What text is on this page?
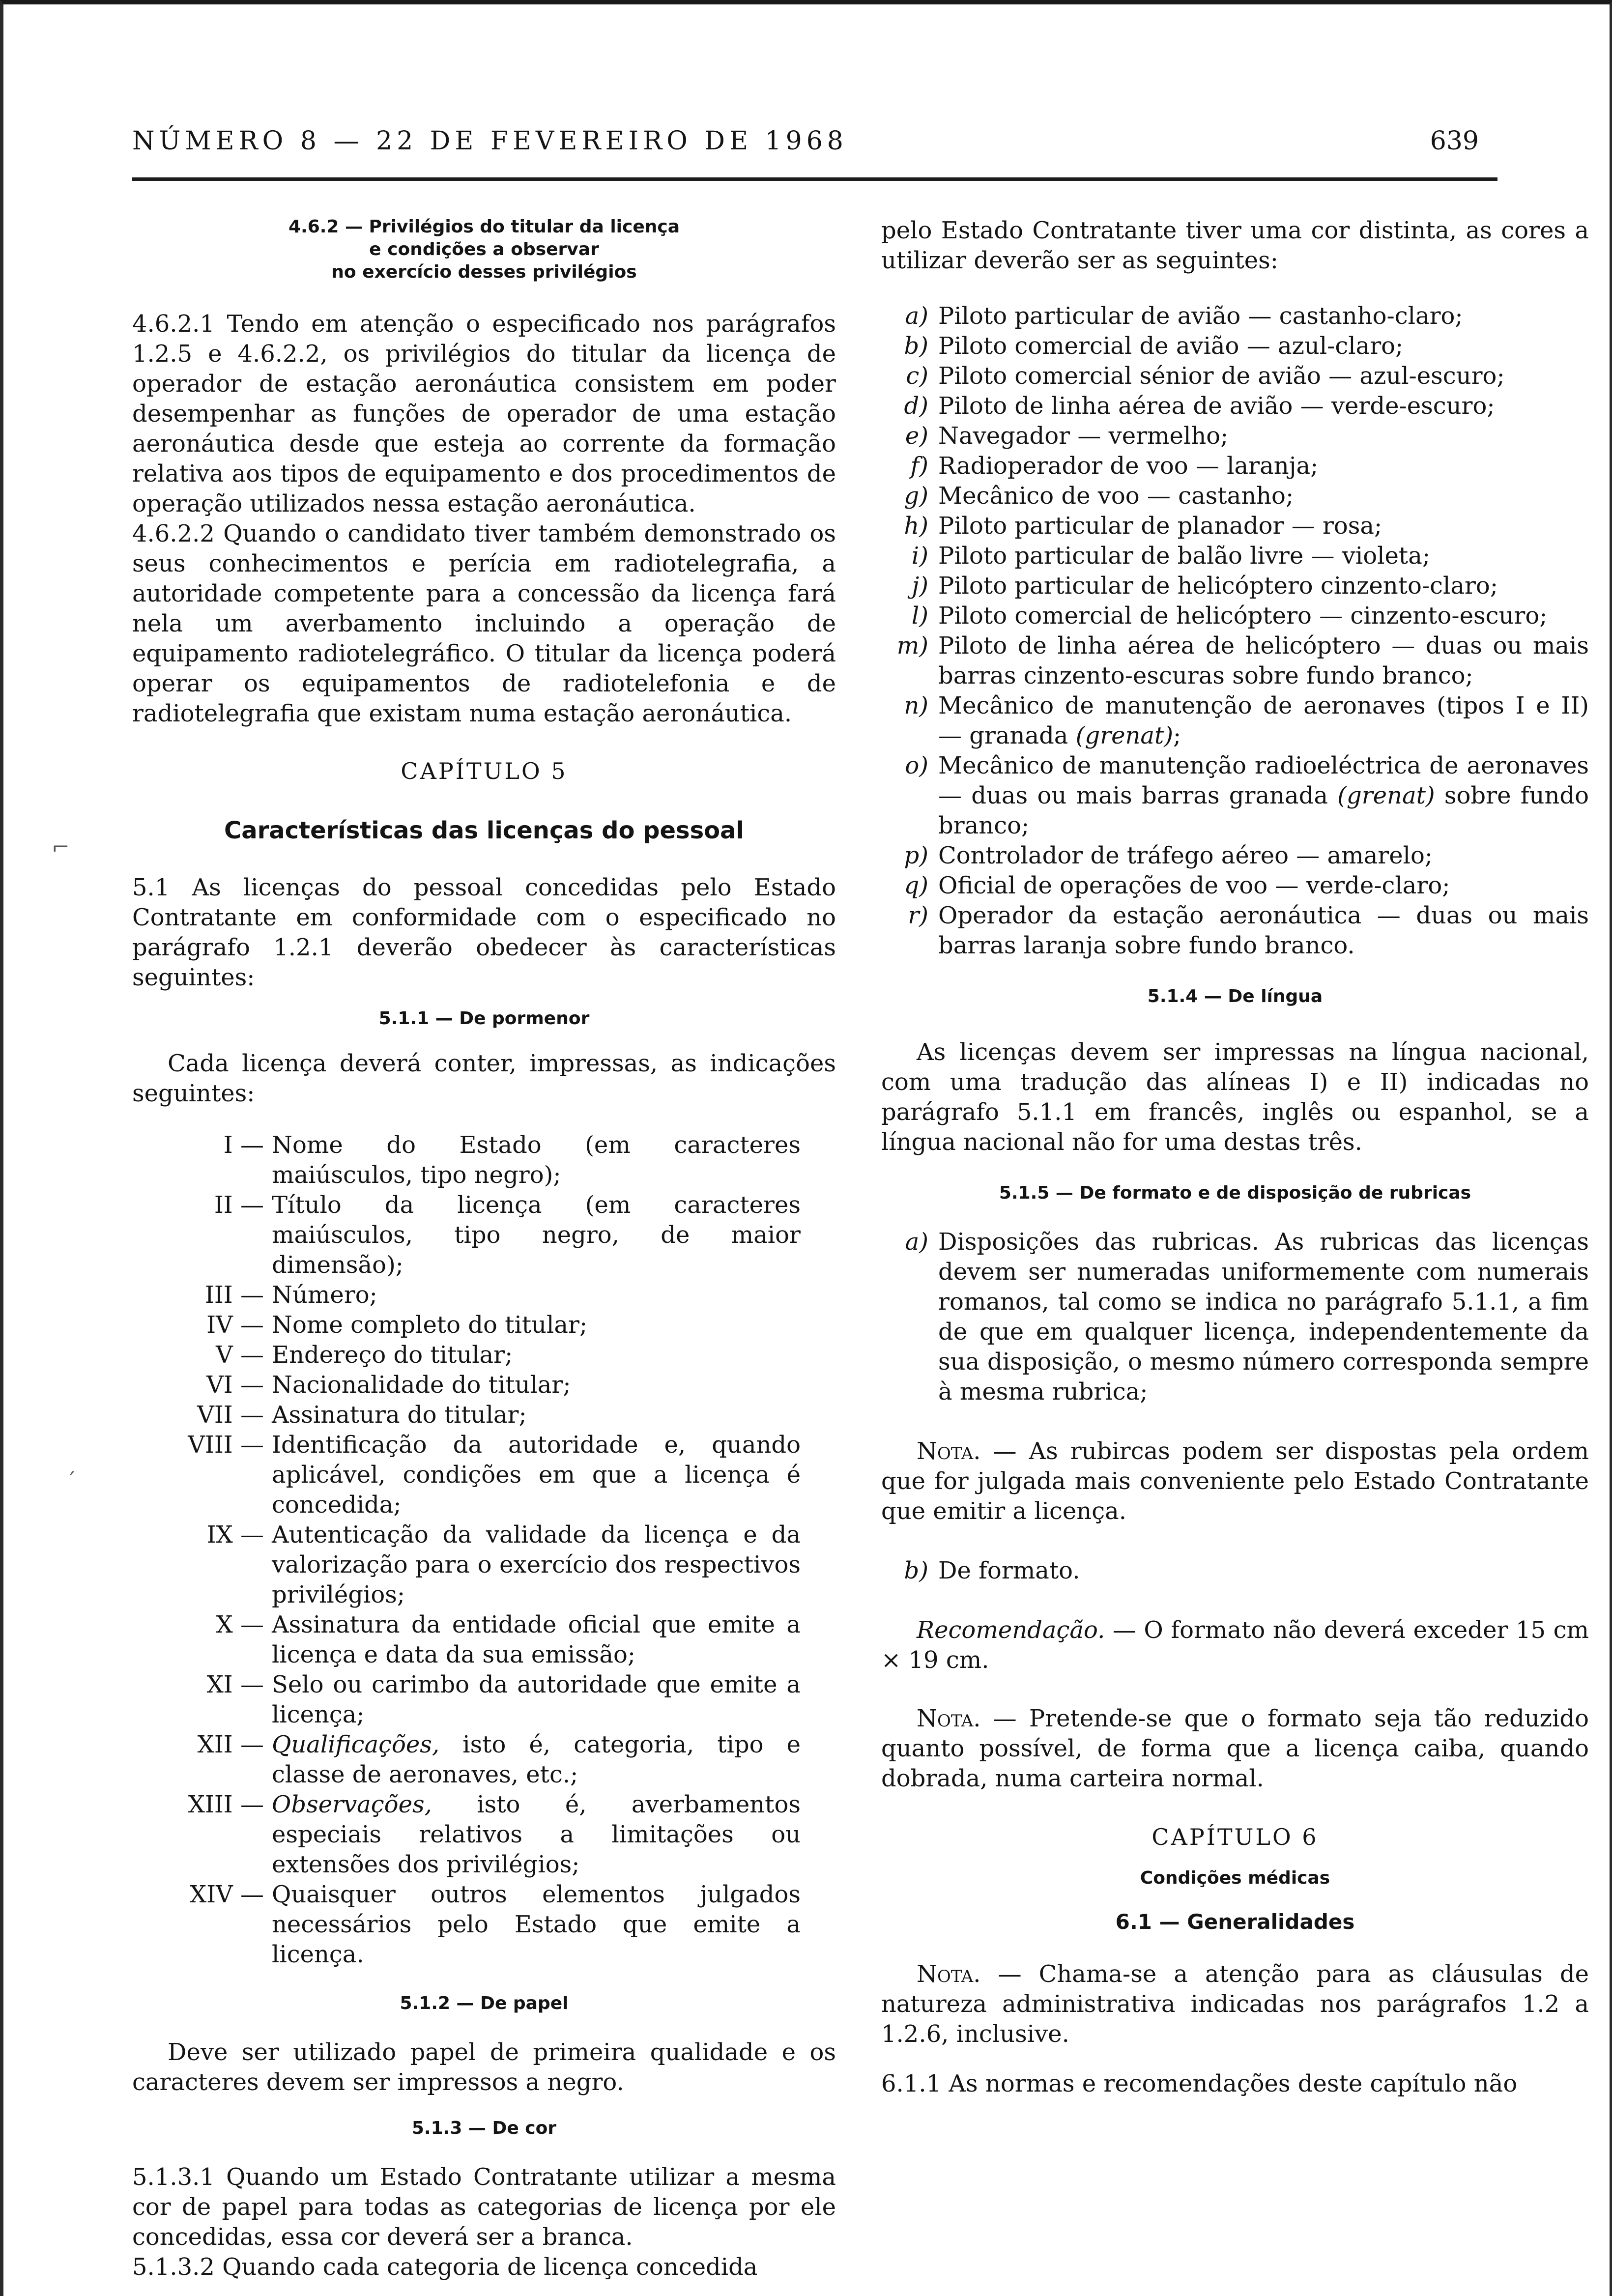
NÚMERO 8 — 22 DE FEVEREIRO DE 1968	639
⌐
ˊ
4.6.2 — Privilégios do titular da licença
e condições a observar
no exercício desses privilégios

4.6.2.1 Tendo em atenção o especificado nos parágrafos 1.2.5 e 4.6.2.2, os privilégios do titular da licença de operador de estação aeronáutica consistem em poder desempenhar as funções de operador de uma estação aeronáutica desde que esteja ao corrente da formação relativa aos tipos de equipamento e dos procedimentos de operação utilizados nessa estação aeronáutica.

4.6.2.2 Quando o candidato tiver também demonstrado os seus conhecimentos e perícia em radiotelegrafia, a autoridade competente para a concessão da licença fará nela um averbamento incluindo a operação de equipamento radiotelegráfico. O titular da licença poderá operar os equipamentos de radiotelefonia e de radiotelegrafia que existam numa estação aeronáutica.

CAPÍTULO 5
Características das licenças do pessoal

5.1 As licenças do pessoal concedidas pelo Estado Contratante em conformidade com o especificado no parágrafo 1.2.1 deverão obedecer às características seguintes:

5.1.1 — De pormenor

Cada licença deverá conter, impressas, as indicações seguintes:

I — Nome do Estado (em caracteres maiúsculos, tipo negro);
II — Título da licença (em caracteres maiúsculos, tipo negro, de maior dimensão);
III — Número;
IV — Nome completo do titular;
V — Endereço do titular;
VI — Nacionalidade do titular;
VII — Assinatura do titular;
VIII — Identificação da autoridade e, quando aplicável, condições em que a licença é concedida;
IX — Autenticação da validade da licença e da valorização para o exercício dos respectivos privilégios;
X — Assinatura da entidade oficial que emite a licença e data da sua emissão;
XI — Selo ou carimbo da autoridade que emite a licença;
XII — Qualificações, isto é, categoria, tipo e classe de aeronaves, etc.;
XIII — Observações, isto é, averbamentos especiais relativos a limitações ou extensões dos privilégios;
XIV — Quaisquer outros elementos julgados necessários pelo Estado que emite a licença.
5.1.2 — De papel

Deve ser utilizado papel de primeira qualidade e os caracteres devem ser impressos a negro.

5.1.3 — De cor

5.1.3.1 Quando um Estado Contratante utilizar a mesma cor de papel para todas as categorias de licença por ele concedidas, essa cor deverá ser a branca.

5.1.3.2 Quando cada categoria de licença concedida

pelo Estado Contratante tiver uma cor distinta, as cores a utilizar deverão ser as seguintes:

a) Piloto particular de avião — castanho-claro;
b) Piloto comercial de avião — azul-claro;
c) Piloto comercial sénior de avião — azul-escuro;
d) Piloto de linha aérea de avião — verde-escuro;
e) Navegador — vermelho;
f) Radioperador de voo — laranja;
g) Mecânico de voo — castanho;
h) Piloto particular de planador — rosa;
i) Piloto particular de balão livre — violeta;
j) Piloto particular de helicóptero cinzento-claro;
l) Piloto comercial de helicóptero — cinzento-escuro;
m) Piloto de linha aérea de helicóptero — duas ou mais barras cinzento-escuras sobre fundo branco;
n) Mecânico de manutenção de aeronaves (tipos I e II) — granada (grenat);
o) Mecânico de manutenção radioeléctrica de aeronaves — duas ou mais barras granada (grenat) sobre fundo branco;
p) Controlador de tráfego aéreo — amarelo;
q) Oficial de operações de voo — verde-claro;
r) Operador da estação aeronáutica — duas ou mais barras laranja sobre fundo branco.
5.1.4 — De língua

As licenças devem ser impressas na língua nacional, com uma tradução das alíneas I) e II) indicadas no parágrafo 5.1.1 em francês, inglês ou espanhol, se a língua nacional não for uma destas três.

5.1.5 — De formato e de disposição de rubricas
a) Disposições das rubricas. As rubricas das licenças devem ser numeradas uniformemente com numerais romanos, tal como se indica no parágrafo 5.1.1, a fim de que em qualquer licença, independentemente da sua disposição, o mesmo número corresponda sempre à mesma rubrica;

Nota. — As rubircas podem ser dispostas pela ordem que for julgada mais conveniente pelo Estado Contratante que emitir a licença.

b) De formato.

Recomendação. — O formato não deverá exceder 15 cm × 19 cm.

Nota. — Pretende-se que o formato seja tão reduzido quanto possível, de forma que a licença caiba, quando dobrada, numa carteira normal.

CAPÍTULO 6
Condições médicas
6.1 — Generalidades

Nota. — Chama-se a atenção para as cláusulas de natureza administrativa indicadas nos parágrafos 1.2 a 1.2.6, inclusive.

6.1.1 As normas e recomendações deste capítulo não
